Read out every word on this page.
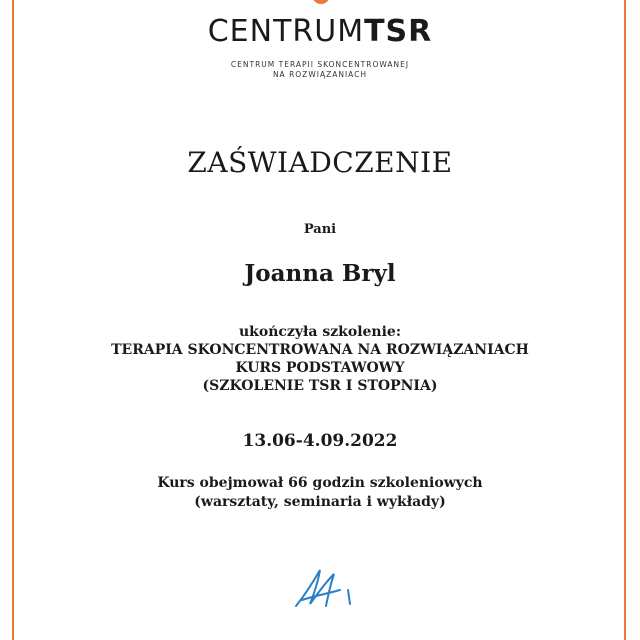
CENTRUMTSR
CENTRUM TERAPII SKONCENTROWANEJ
NA ROZWIĄZANIACH
ZAŚWIADCZENIE
Pani
Joanna Bryl
ukończyła szkolenie:
TERAPIA SKONCENTROWANA NA ROZWIĄZANIACH
KURS PODSTAWOWY
(SZKOLENIE TSR I STOPNIA)
13.06-4.09.2022
Kurs obejmował 66 godzin szkoleniowych
(warsztaty, seminaria i wykłady)
